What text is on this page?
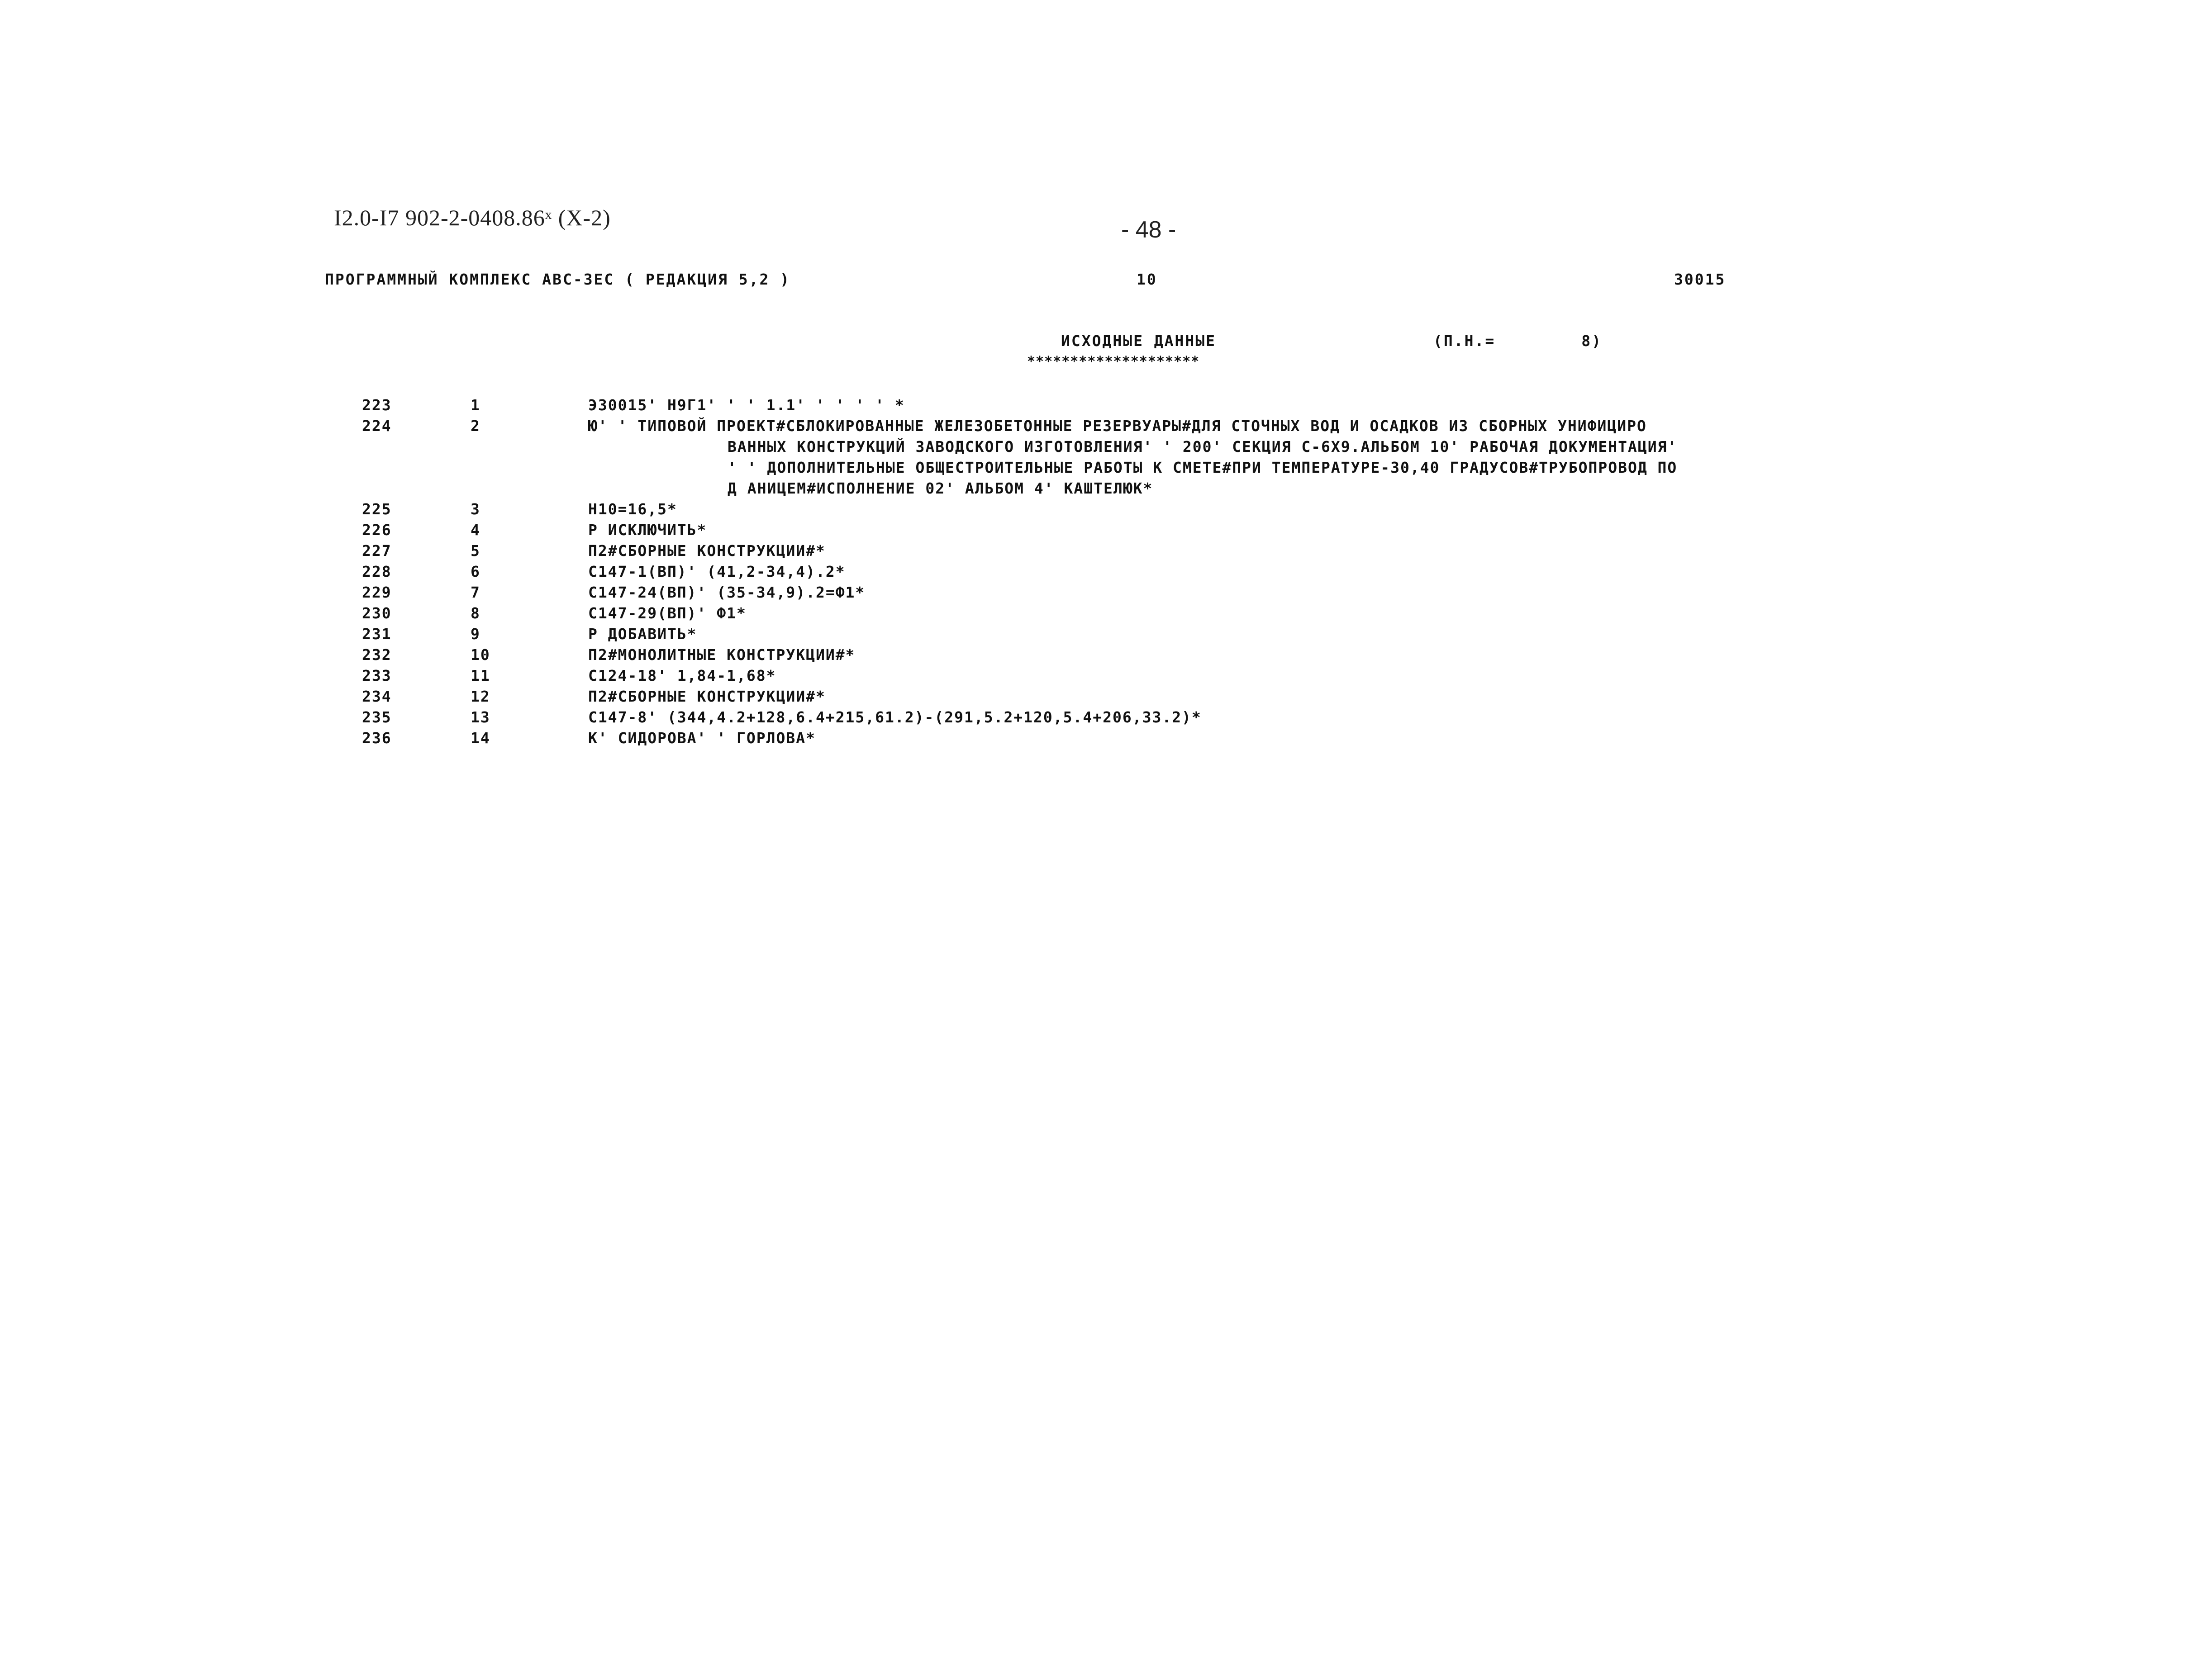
I2.0-I7 902-2-0408.86ˣ (X-2)	- 48 -
ПРОГРАММНЫЙ КОМПЛЕКС АВС-3ЕС ( РЕДАКЦИЯ 5,2 )	10	30015
ИСХОДНЫЕ ДАННЫЕ
********************
(П.Н.=	8)
223	1	Э30015' Н9Г1' ' ' 1.1' ' ' ' ' *
224	2	Ю' ' ТИПОВОЙ ПРОЕКТ#СБЛОКИРОВАННЫЕ ЖЕЛЕЗОБЕТОННЫЕ РЕЗЕРВУАРЫ#ДЛЯ СТОЧНЫХ ВОД И ОСАДКОВ ИЗ СБОРНЫХ УНИФИЦИРО
ВАННЫХ КОНСТРУКЦИЙ ЗАВОДСКОГО ИЗГОТОВЛЕНИЯ' ' 200' СЕКЦИЯ С-6Х9.АЛЬБОМ 10' РАБОЧАЯ ДОКУМЕНТАЦИЯ'
' ' ДОПОЛНИТЕЛЬНЫЕ ОБЩЕСТРОИТЕЛЬНЫЕ РАБОТЫ К СМЕТЕ#ПРИ ТЕМПЕРАТУРЕ-30,40 ГРАДУСОВ#ТРУБОПРОВОД ПО
Д АНИЦЕМ#ИСПОЛНЕНИЕ 02' АЛЬБОМ 4' КАШТЕЛЮК*
225	3	Н10=16,5*
226	4	Р ИСКЛЮЧИТЬ*
227	5	П2#СБОРНЫЕ КОНСТРУКЦИИ#*
228	6	С147-1(ВП)' (41,2-34,4).2*
229	7	С147-24(ВП)' (35-34,9).2=Ф1*
230	8	С147-29(ВП)' Ф1*
231	9	Р ДОБАВИТЬ*
232	10	П2#МОНОЛИТНЫЕ КОНСТРУКЦИИ#*
233	11	С124-18' 1,84-1,68*
234	12	П2#СБОРНЫЕ КОНСТРУКЦИИ#*
235	13	С147-8' (344,4.2+128,6.4+215,61.2)-(291,5.2+120,5.4+206,33.2)*
236	14	К' СИДОРОВА' ' ГОРЛОВА*
